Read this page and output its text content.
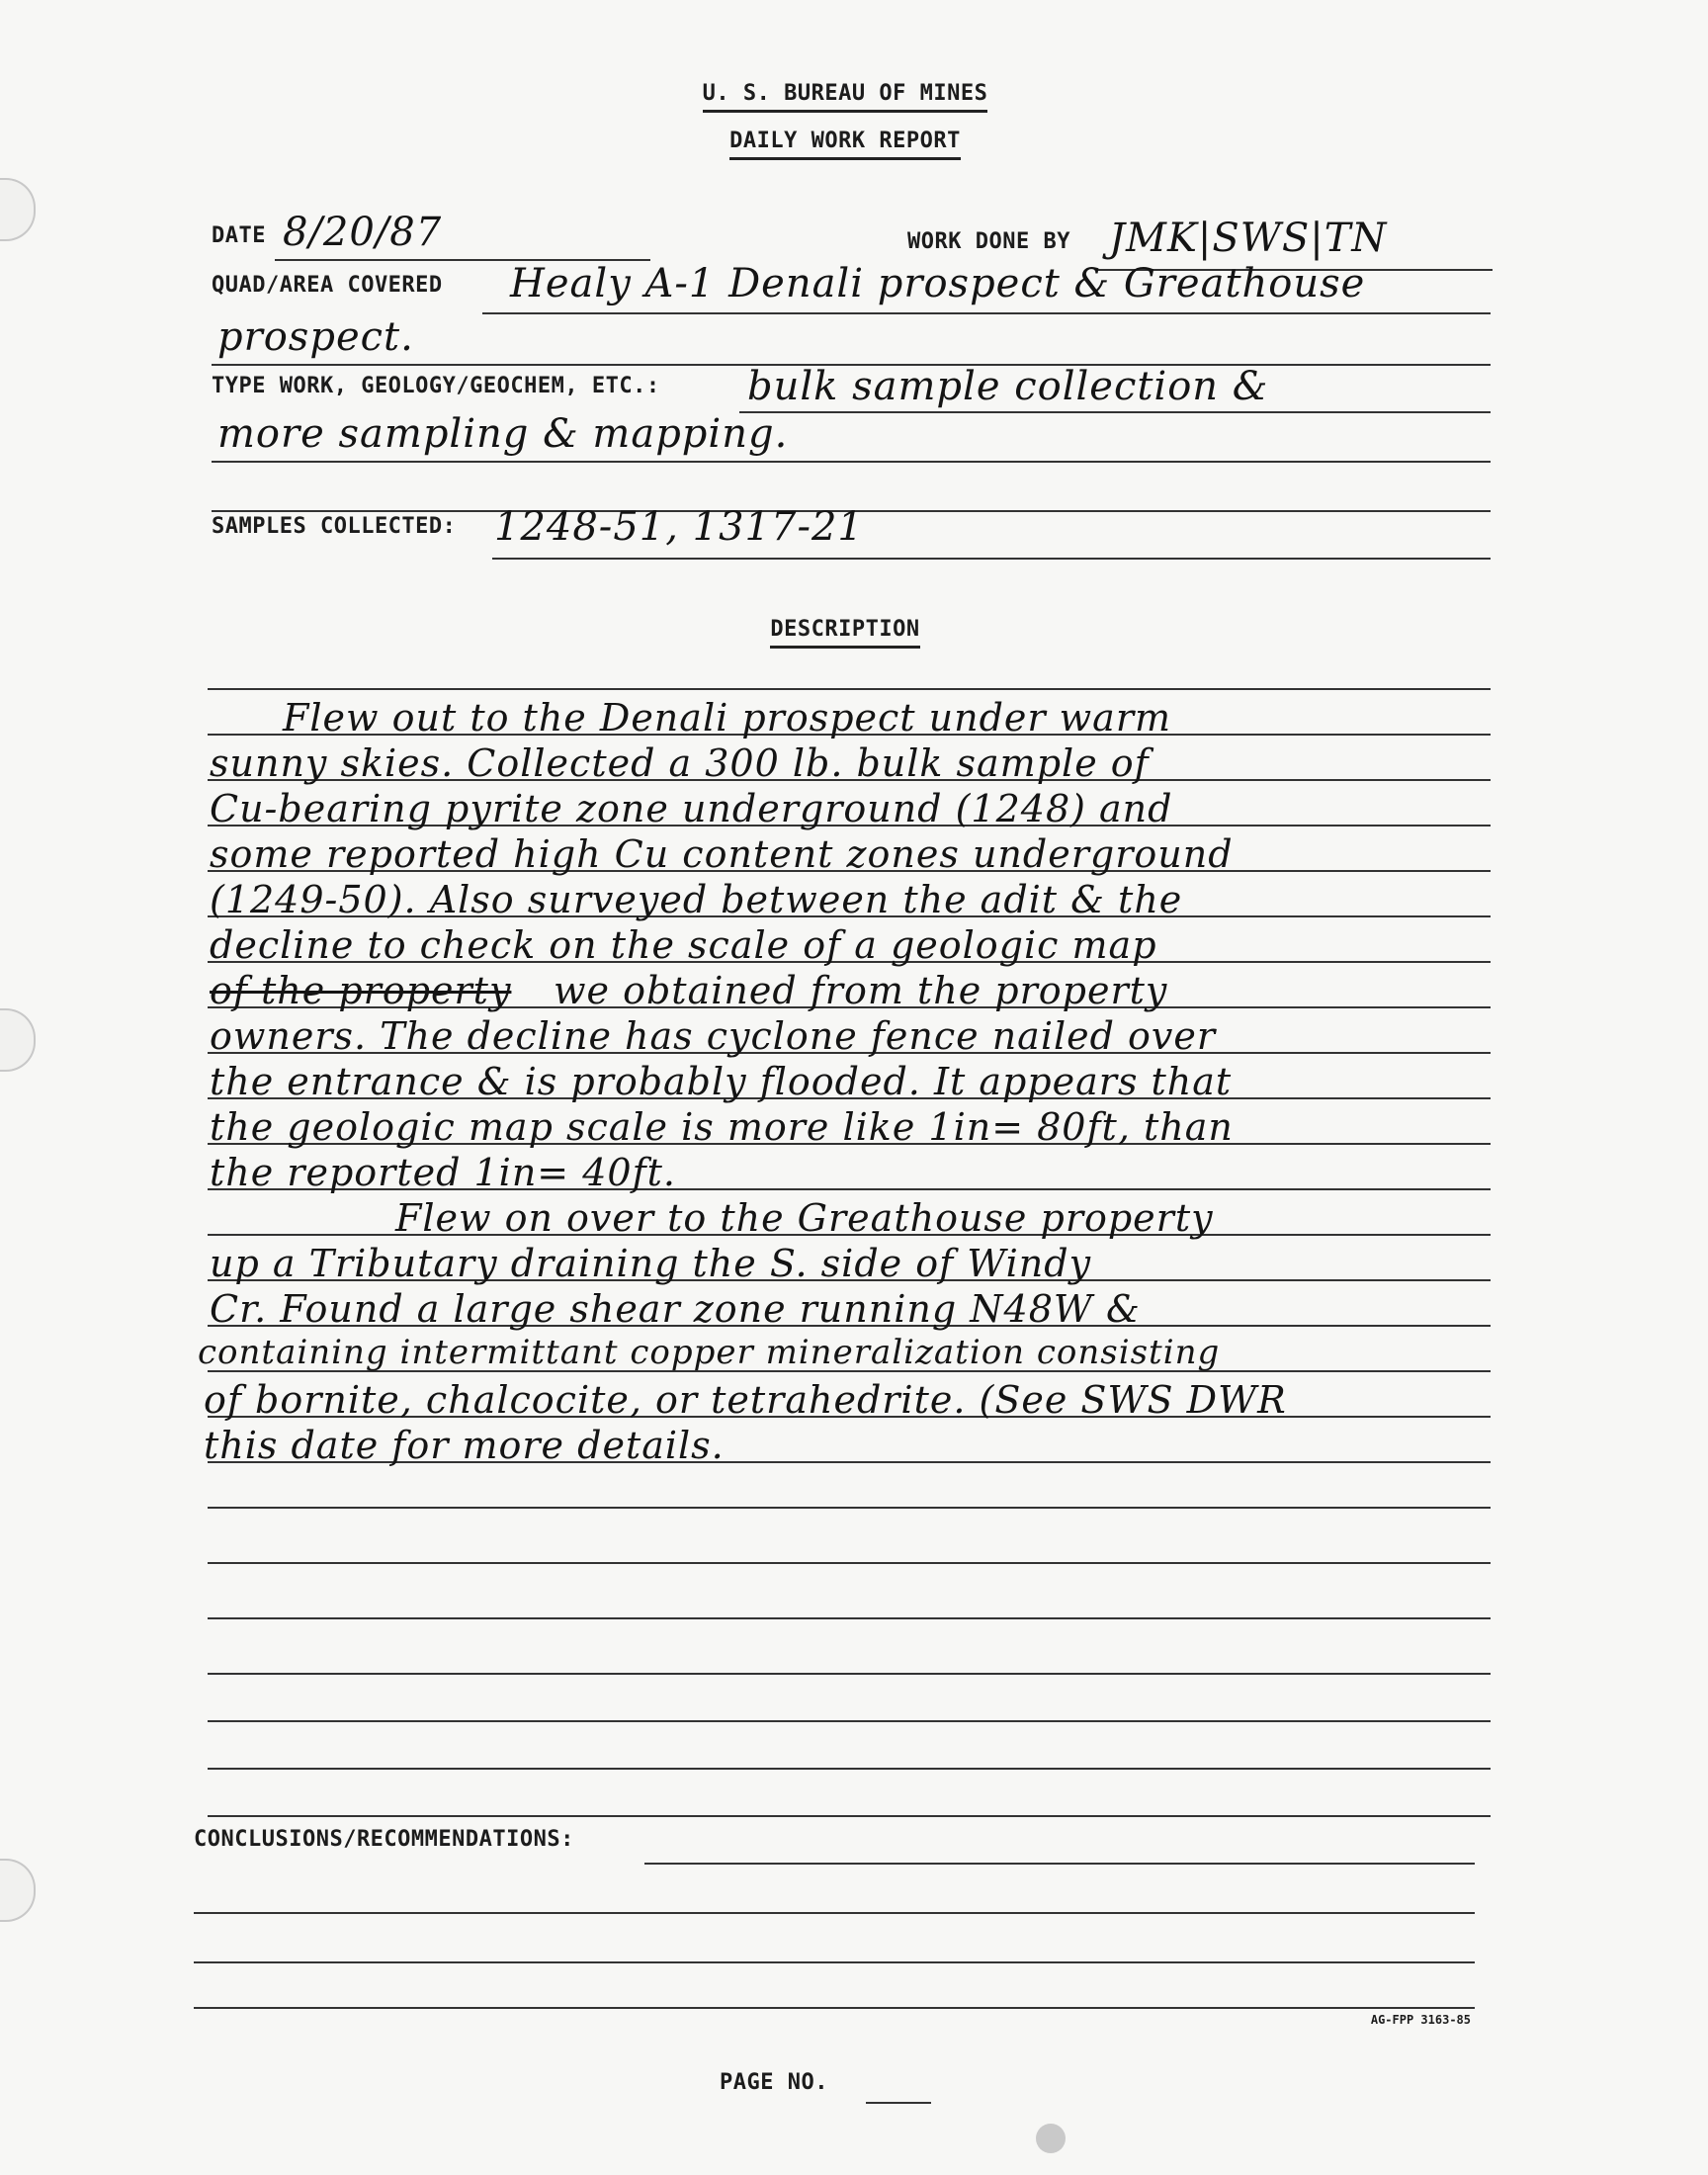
U. S. BUREAU OF MINES
DAILY WORK REPORT
DATE 8/20/87	WORK DONE BY JMK|SWS|TN
QUAD/AREA COVERED Healy A-1 Denali prospect & Greathouse
prospect.
TYPE WORK, GEOLOGY/GEOCHEM, ETC.: bulk sample collection &
more sampling & mapping.
SAMPLES COLLECTED: 1248-51, 1317-21
DESCRIPTION
Flew out to the Denali prospect under warm
sunny skies. Collected a 300 lb. bulk sample of
Cu-bearing pyrite zone underground (1248) and
some reported high Cu content zones underground
(1249-50). Also surveyed between the adit & the
decline to check on the scale of a geologic map
of the property we obtained from the property
owners. The decline has cyclone fence nailed over
the entrance & is probably flooded. It appears that
the geologic map scale is more like 1in= 80ft, than
the reported 1in= 40ft.
Flew on over to the Greathouse property
up a Tributary draining the S. side of Windy
Cr. Found a large shear zone running N48W &
containing intermittant copper mineralization consisting
of bornite, chalcocite, or tetrahedrite. (See SWS DWR
this date for more details.
CONCLUSIONS/RECOMMENDATIONS:
AG-FPP 3163-85
PAGE NO.
